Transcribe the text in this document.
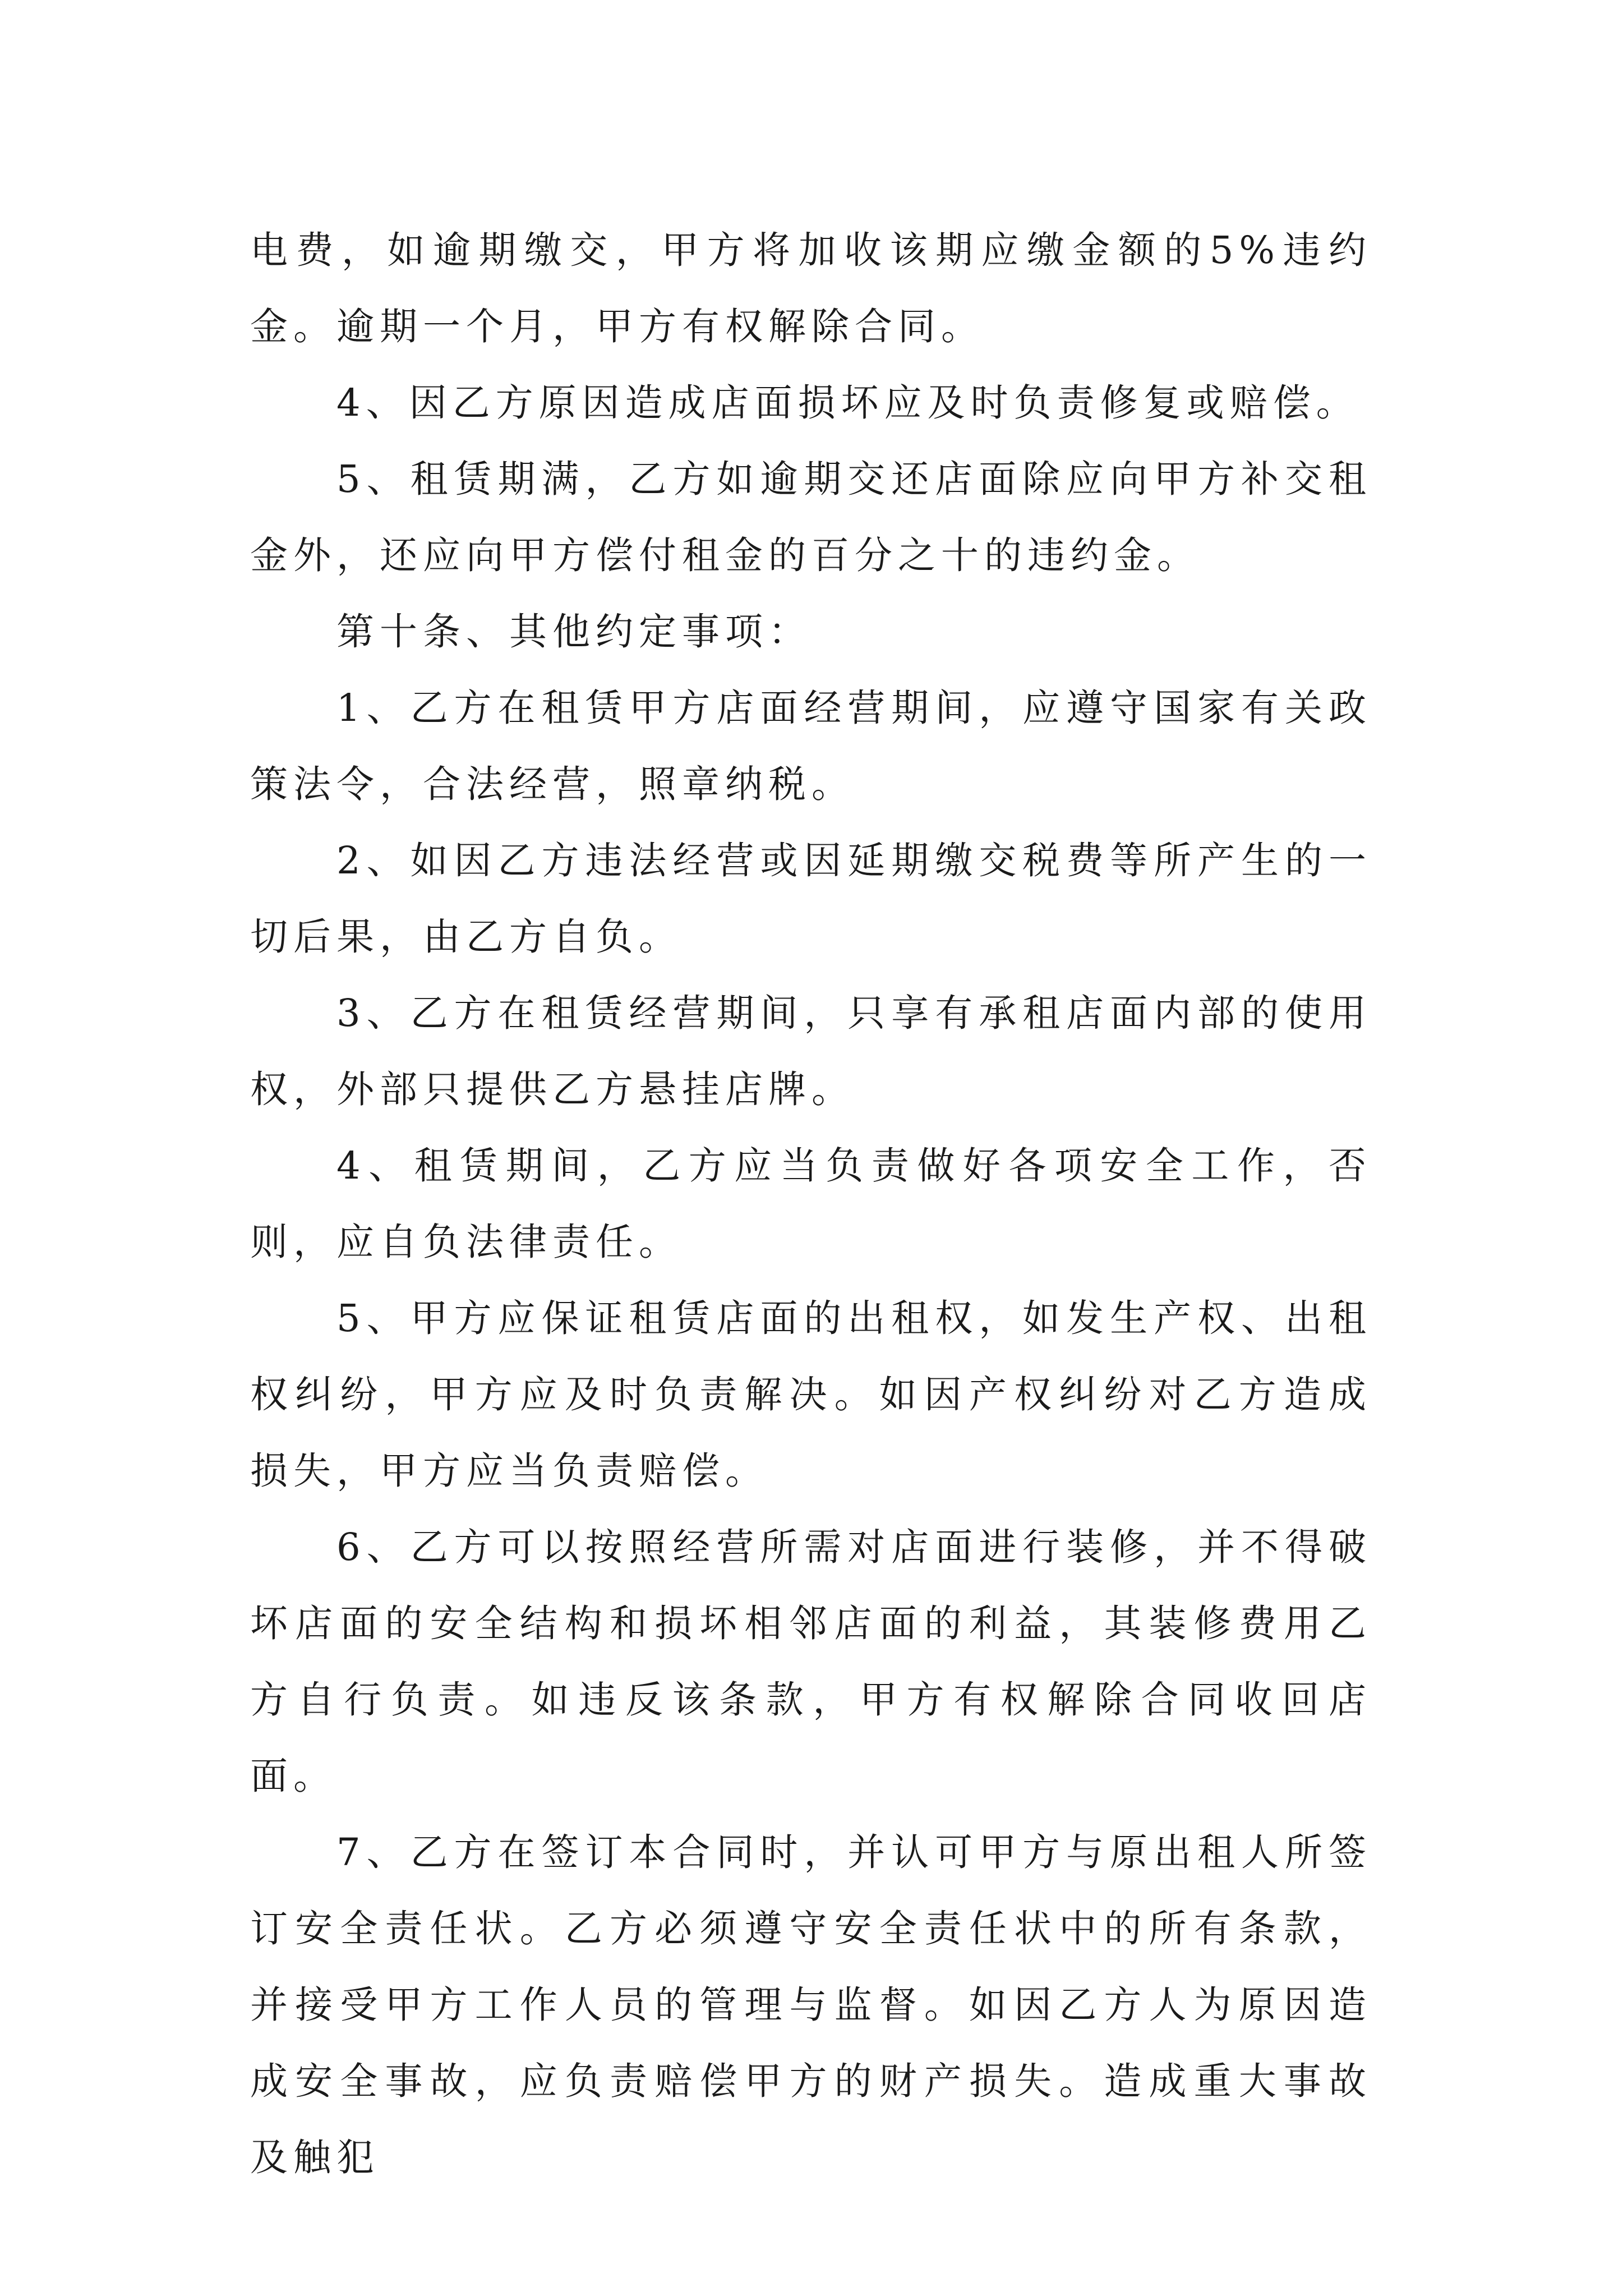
电费，如逾期缴交，甲方将加收该期应缴金额的5%违约金。逾期一个月，甲方有权解除合同。

4、因乙方原因造成店面损坏应及时负责修复或赔偿。

5、租赁期满，乙方如逾期交还店面除应向甲方补交租金外，还应向甲方偿付租金的百分之十的违约金。

第十条、其他约定事项：

1、乙方在租赁甲方店面经营期间，应遵守国家有关政策法令，合法经营，照章纳税。

2、如因乙方违法经营或因延期缴交税费等所产生的一切后果，由乙方自负。

3、乙方在租赁经营期间，只享有承租店面内部的使用权，外部只提供乙方悬挂店牌。

4、租赁期间，乙方应当负责做好各项安全工作，否则，应自负法律责任。

5、甲方应保证租赁店面的出租权，如发生产权、出租权纠纷，甲方应及时负责解决。如因产权纠纷对乙方造成损失，甲方应当负责赔偿。

6、乙方可以按照经营所需对店面进行装修，并不得破坏店面的安全结构和损坏相邻店面的利益，其装修费用乙方自行负责。如违反该条款，甲方有权解除合同收回店面。

7、乙方在签订本合同时，并认可甲方与原出租人所签订安全责任状。乙方必须遵守安全责任状中的所有条款，并接受甲方工作人员的管理与监督。如因乙方人为原因造成安全事故，应负责赔偿甲方的财产损失。造成重大事故及触犯
